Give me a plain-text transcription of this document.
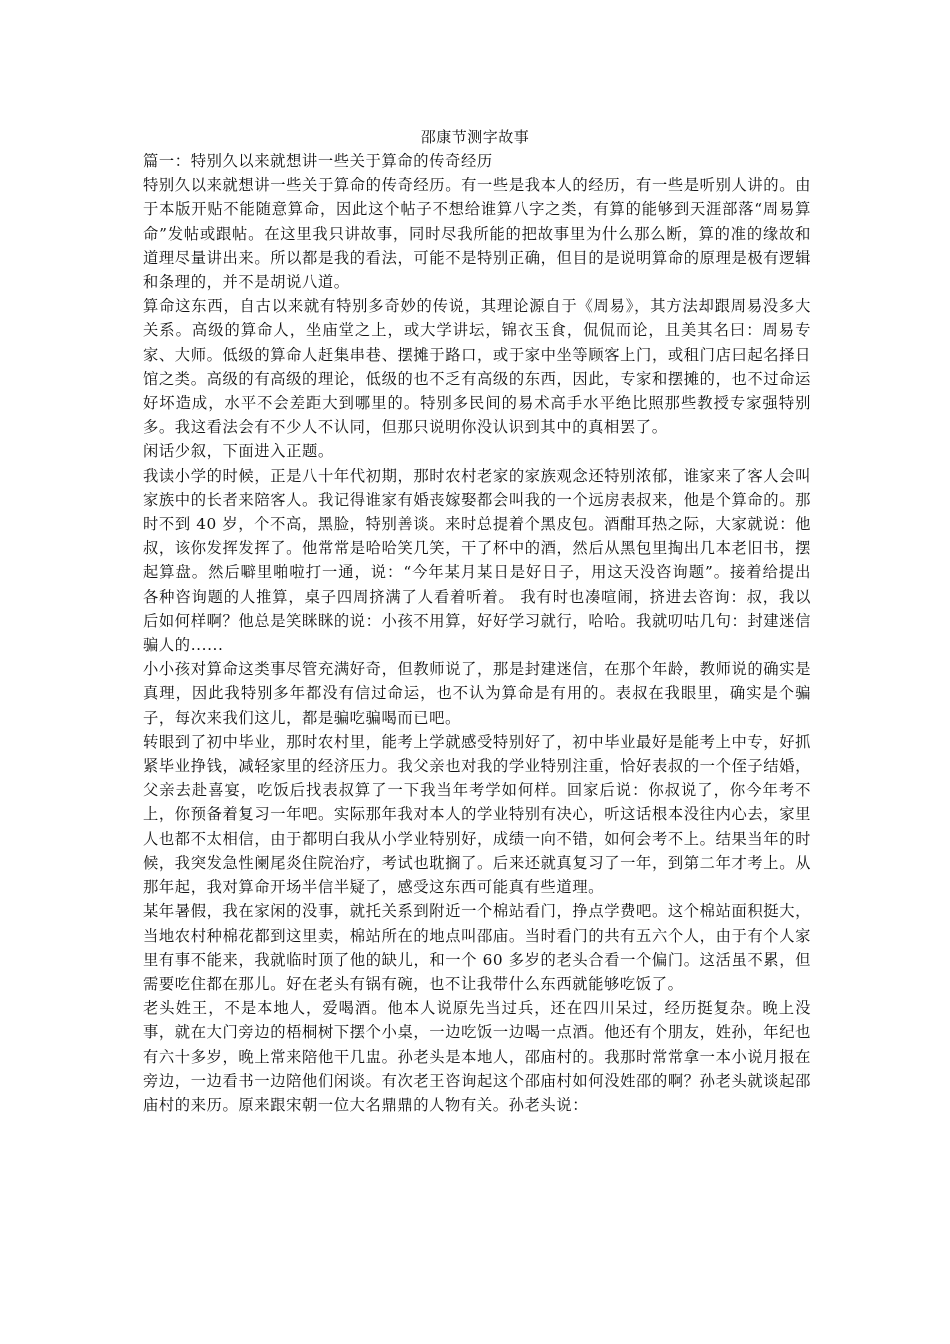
邵康节测字故事

篇一：特别久以来就想讲一些关于算命的传奇经历

特别久以来就想讲一些关于算命的传奇经历。有一些是我本人的经历，有一些是听别人讲的。由于本版开贴不能随意算命，因此这个帖子不想给谁算八字之类，有算的能够到天涯部落“周易算命”发帖或跟帖。在这里我只讲故事，同时尽我所能的把故事里为什么那么断，算的准的缘故和道理尽量讲出来。所以都是我的看法，可能不是特别正确，但目的是说明算命的原理是极有逻辑和条理的，并不是胡说八道。

算命这东西，自古以来就有特别多奇妙的传说，其理论源自于《周易》，其方法却跟周易没多大关系。高级的算命人，坐庙堂之上，或大学讲坛，锦衣玉食，侃侃而论，且美其名曰：周易专家、大师。低级的算命人赶集串巷、摆摊于路口，或于家中坐等顾客上门，或租门店曰起名择日馆之类。高级的有高级的理论，低级的也不乏有高级的东西，因此，专家和摆摊的，也不过命运好坏造成，水平不会差距大到哪里的。特别多民间的易术高手水平绝比照那些教授专家强特别多。我这看法会有不少人不认同，但那只说明你没认识到其中的真相罢了。

闲话少叙，下面进入正题。

我读小学的时候，正是八十年代初期，那时农村老家的家族观念还特别浓郁，谁家来了客人会叫家族中的长者来陪客人。我记得谁家有婚丧嫁娶都会叫我的一个远房表叔来，他是个算命的。那时不到 40 岁，个不高，黑脸，特别善谈。来时总提着个黑皮包。酒酣耳热之际，大家就说：他叔，该你发挥发挥了。他常常是哈哈笑几笑，干了杯中的酒，然后从黑包里掏出几本老旧书，摆起算盘。然后噼里啪啦打一通，说：“今年某月某日是好日子，用这天没咨询题”。接着给提出各种咨询题的人推算，桌子四周挤满了人看着听着。 我有时也凑喧闹，挤进去咨询：叔，我以后如何样啊？他总是笑眯眯的说：小孩不用算，好好学习就行，哈哈。我就叨咕几句：封建迷信骗人的......

小小孩对算命这类事尽管充满好奇，但教师说了，那是封建迷信，在那个年龄，教师说的确实是真理，因此我特别多年都没有信过命运，也不认为算命是有用的。表叔在我眼里，确实是个骗子，每次来我们这儿，都是骗吃骗喝而已吧。

转眼到了初中毕业，那时农村里，能考上学就感受特别好了，初中毕业最好是能考上中专，好抓紧毕业挣钱，减轻家里的经济压力。我父亲也对我的学业特别注重，恰好表叔的一个侄子结婚，父亲去赴喜宴，吃饭后找表叔算了一下我当年考学如何样。回家后说：你叔说了，你今年考不上，你预备着复习一年吧。实际那年我对本人的学业特别有决心，听这话根本没往内心去，家里人也都不太相信，由于都明白我从小学业特别好，成绩一向不错，如何会考不上。结果当年的时候，我突发急性阑尾炎住院治疗，考试也耽搁了。后来还就真复习了一年，到第二年才考上。从那年起，我对算命开场半信半疑了，感受这东西可能真有些道理。

某年暑假，我在家闲的没事，就托关系到附近一个棉站看门，挣点学费吧。这个棉站面积挺大，当地农村种棉花都到这里卖，棉站所在的地点叫邵庙。当时看门的共有五六个人，由于有个人家里有事不能来，我就临时顶了他的缺儿，和一个 60 多岁的老头合看一个偏门。这活虽不累，但需要吃住都在那儿。好在老头有锅有碗，也不让我带什么东西就能够吃饭了。

老头姓王，不是本地人，爱喝酒。他本人说原先当过兵，还在四川呆过，经历挺复杂。晚上没事，就在大门旁边的梧桐树下摆个小桌，一边吃饭一边喝一点酒。他还有个朋友，姓孙，年纪也有六十多岁，晚上常来陪他干几盅。孙老头是本地人，邵庙村的。我那时常常拿一本小说月报在旁边，一边看书一边陪他们闲谈。有次老王咨询起这个邵庙村如何没姓邵的啊？孙老头就谈起邵庙村的来历。原来跟宋朝一位大名鼎鼎的人物有关。孙老头说：
